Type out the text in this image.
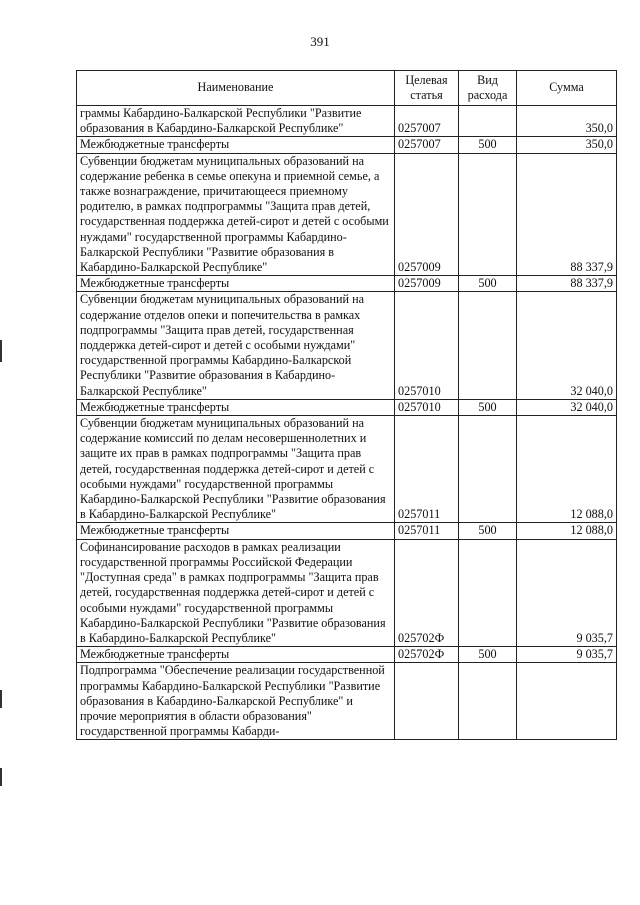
391
Наименование	Целевая статья	Вид расхода	Сумма
граммы Кабардино-Балкарской Республики "Развитие образования в Кабардино-Балкарской Республике"	0257007		350,0
Межбюджетные трансферты	0257007	500	350,0
Субвенции бюджетам муниципальных образований на содержание ребенка в семье опекуна и приемной семье, а также вознаграждение, причитающееся приемному родителю, в рамках подпрограммы "Защита прав детей, государственная поддержка детей-сирот и детей с особыми нуждами" государственной программы Кабардино-Балкарской Республики "Развитие образования в Кабардино-Балкарской Республике"	0257009		88 337,9
Межбюджетные трансферты	0257009	500	88 337,9
Субвенции бюджетам муниципальных образований на содержание отделов опеки и попечительства в рамках подпрограммы "Защита прав детей, государственная поддержка детей-сирот и детей с особыми нуждами" государственной программы Кабардино-Балкарской Республики "Развитие образования в Кабардино-Балкарской Республике"	0257010		32 040,0
Межбюджетные трансферты	0257010	500	32 040,0
Субвенции бюджетам муниципальных образований на содержание комиссий по делам несовершеннолетних и защите их прав в рамках подпрограммы "Защита прав детей, государственная поддержка детей-сирот и детей с особыми нуждами" государственной программы Кабардино-Балкарской Республики "Развитие образования в Кабардино-Балкарской Республике"	0257011		12 088,0
Межбюджетные трансферты	0257011	500	12 088,0
Софинансирование расходов в рамках реализации государственной программы Российской Федерации "Доступная среда" в рамках подпрограммы "Защита прав детей, государственная поддержка детей-сирот и детей с особыми нуждами" государственной программы Кабардино-Балкарской Республики "Развитие образования в Кабардино-Балкарской Республике"	025702Ф		9 035,7
Межбюджетные трансферты	025702Ф	500	9 035,7
Подпрограмма "Обеспечение реализации государственной программы Кабардино-Балкарской Республики "Развитие образования в Кабардино-Балкарской Республике" и прочие мероприятия в области образования" государственной программы Кабарди-			
